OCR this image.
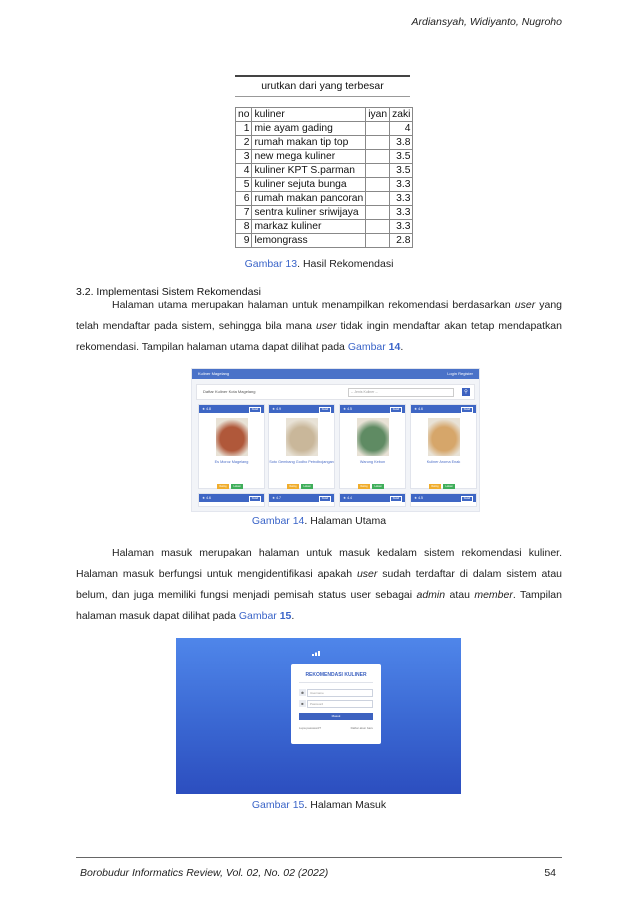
Ardiansyah, Widiyanto, Nugroho
urutkan dari yang terbesar
no	kuliner	iyan	zaki
1	mie ayam gading		4
2	rumah makan tip top		3.8
3	new mega kuliner		3.5
4	kuliner KPT S.parman		3.5
5	kuliner sejuta bunga		3.3
6	rumah makan pancoran		3.3
7	sentra kuliner sriwijaya		3.3
8	markaz kuliner		3.3
9	lemongrass		2.8
Gambar 13. Hasil Rekomendasi
3.2. Implementasi Sistem Rekomendasi
Halaman utama merupakan halaman untuk menampilkan rekomendasi berdasarkan user yang telah mendaftar pada sistem, sehingga bila mana user tidak ingin mendaftar akan tetap mendapatkan rekomendasi. Tampilan halaman utama dapat dilihat pada Gambar 14.
Kuliner Magelang	Login Register
Daftar Kuliner Kota Magelang	-- Jenis Kuliner --	⚲
★ 4.8	Detail
Es Moroz Magelang
Rating	Lokasi
★ 4.9	Detail
Soto Gembang Godho Petrolbojangan
Rating	Lokasi
★ 4.5	Detail
Warung Kebon
Rating	Lokasi
★ 4.6	Detail
Kuliner Aroma Enak
Rating	Lokasi
★ 4.6	Detail	★ 4.7	Detail	★ 4.4	Detail	★ 4.5	Detail
Gambar 14. Halaman Utama
Halaman masuk merupakan halaman untuk masuk kedalam sistem rekomendasi kuliner. Halaman masuk berfungsi untuk mengidentifikasi apakah user sudah terdaftar di dalam sistem atau belum, dan juga memiliki fungsi menjadi pemisah status user sebagai admin atau member. Tampilan halaman masuk dapat dilihat pada Gambar 15.
REKOMENDASI KULINER
☻	Username
■	Password
Masuk
Lupa password?	Daftar akun baru
Gambar 15. Halaman Masuk
Borobudur Informatics Review, Vol. 02, No. 02 (2022)	54
